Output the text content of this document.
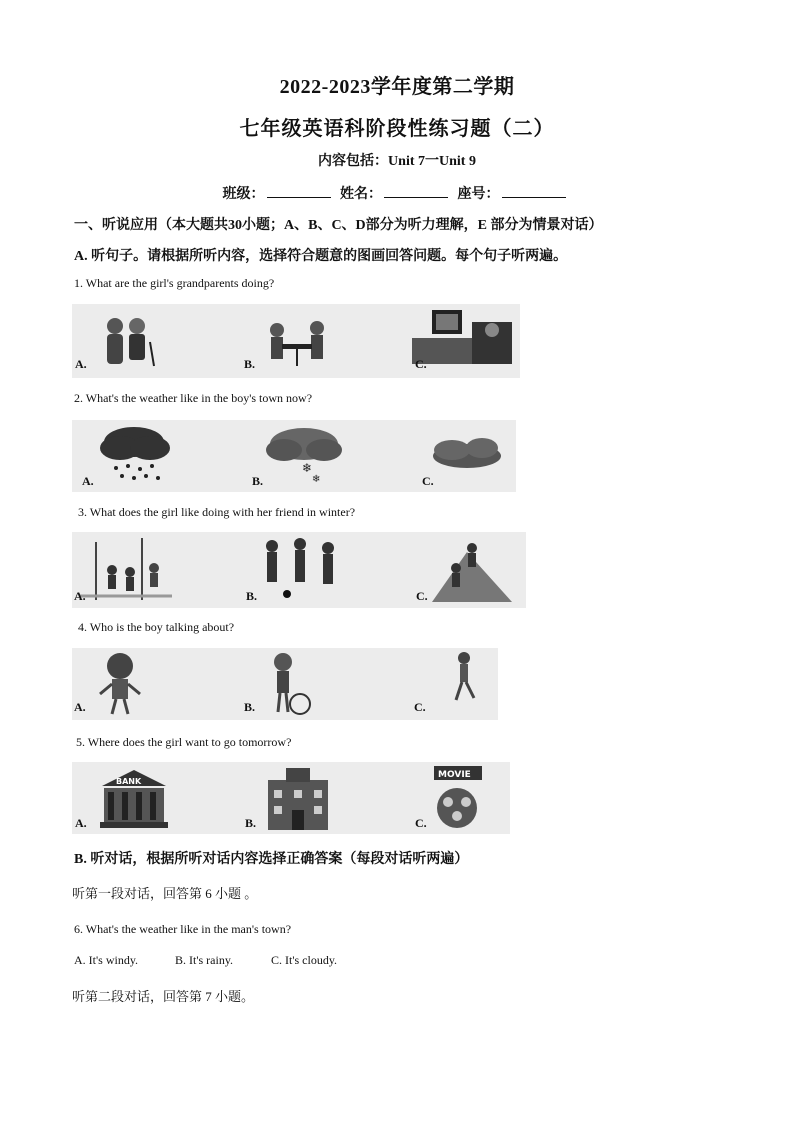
2022-2023学年度第二学期
七年级英语科阶段性练习题（二）
内容包括：Unit 7一Unit 9
班级：	姓名：	座号：
一、听说应用（本大题共30小题；A、B、C、D部分为听力理解，E 部分为情景对话）
A. 听句子。请根据所听内容，选择符合题意的图画回答问题。每个句子听两遍。
1. What are the girl's grandparents doing?
A.	B.	C.
2. What's the weather like in the boy's town now?
❄
❄
A.	B.	C.
3. What does the girl like doing with her friend in winter?
A.	B.	C.
4. Who is the boy talking about?
A.	B.	C.
5. Where does the girl want to go tomorrow?
BANK
MOVIE
A.	B.	C.
B. 听对话，根据所听对话内容选择正确答案（每段对话听两遍）
听第一段对话，回答第 6 小题 。
6. What's the weather like in the man's town?
A. It's windy.	B. It's rainy.	C. It's cloudy.
听第二段对话，回答第 7 小题。
